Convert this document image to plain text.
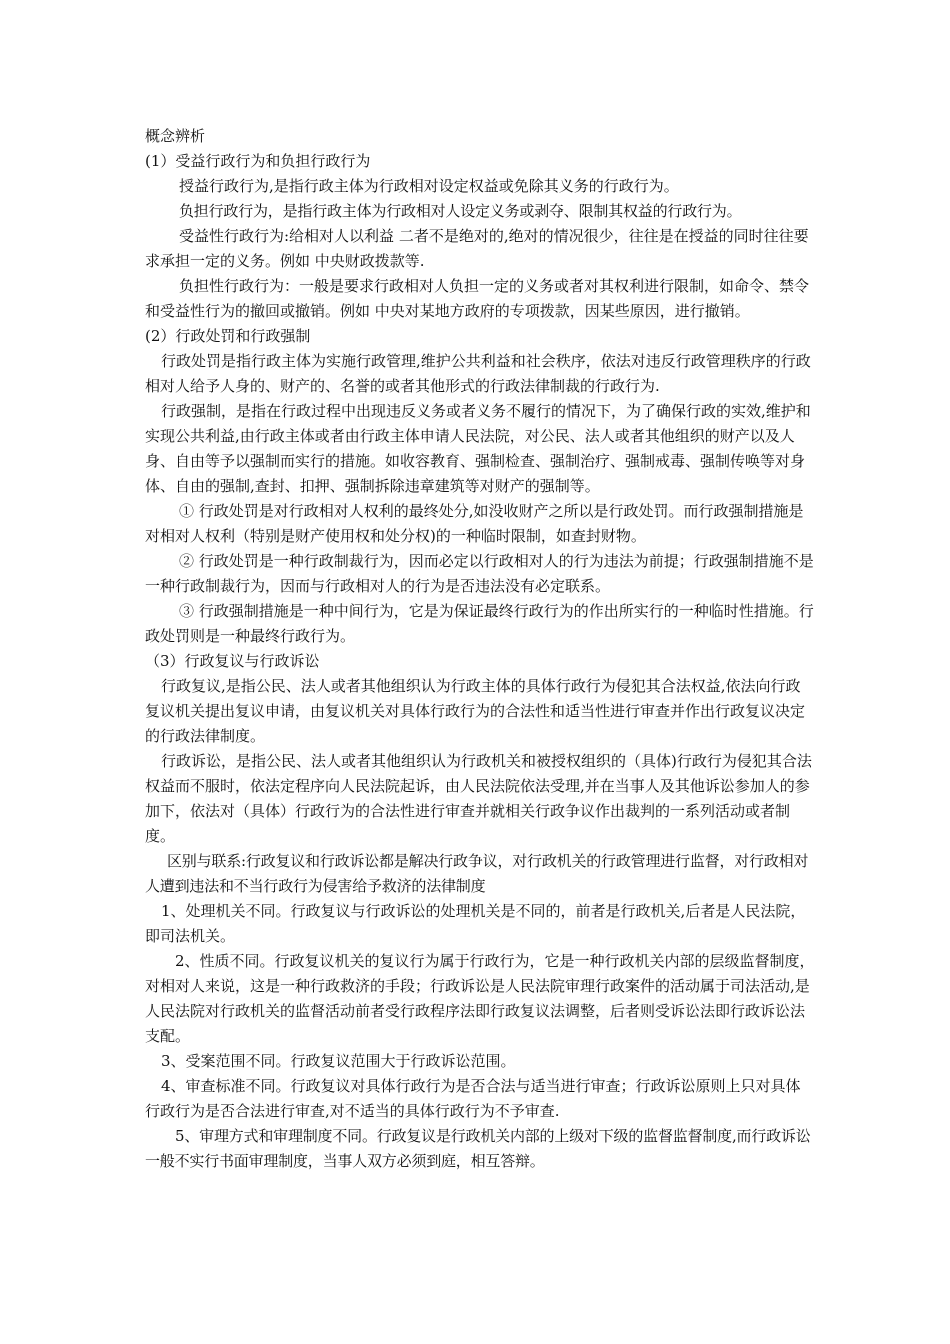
概念辨析

(1）受益行政行为和负担行政行为

授益行政行为,是指行政主体为行政相对设定权益或免除其义务的行政行为。

负担行政行为，是指行政主体为行政相对人设定义务或剥夺、限制其权益的行政行为。

受益性行政行为:给相对人以利益 二者不是绝对的,绝对的情况很少，往往是在授益的同时往往要求承担一定的义务。例如 中央财政拨款等.

负担性行政行为：一般是要求行政相对人负担一定的义务或者对其权利进行限制，如命令、禁令和受益性行为的撤回或撤销。例如 中央对某地方政府的专项拨款，因某些原因，进行撤销。

(2）行政处罚和行政强制

行政处罚是指行政主体为实施行政管理,维护公共利益和社会秩序，依法对违反行政管理秩序的行政相对人给予人身的、财产的、名誉的或者其他形式的行政法律制裁的行政行为.

行政强制，是指在行政过程中出现违反义务或者义务不履行的情况下，为了确保行政的实效,维护和实现公共利益,由行政主体或者由行政主体申请人民法院，对公民、法人或者其他组织的财产以及人身、自由等予以强制而实行的措施。如收容教育、强制检查、强制治疗、强制戒毒、强制传唤等对身体、自由的强制,查封、扣押、强制拆除违章建筑等对财产的强制等。

① 行政处罚是对行政相对人权利的最终处分,如没收财产之所以是行政处罚。而行政强制措施是对相对人权利（特别是财产使用权和处分权)的一种临时限制，如查封财物。

② 行政处罚是一种行政制裁行为，因而必定以行政相对人的行为违法为前提；行政强制措施不是一种行政制裁行为，因而与行政相对人的行为是否违法没有必定联系。

③ 行政强制措施是一种中间行为，它是为保证最终行政行为的作出所实行的一种临时性措施。行政处罚则是一种最终行政行为。

（3）行政复议与行政诉讼

行政复议,是指公民、法人或者其他组织认为行政主体的具体行政行为侵犯其合法权益,依法向行政复议机关提出复议申请，由复议机关对具体行政行为的合法性和适当性进行审查并作出行政复议决定的行政法律制度。

行政诉讼，是指公民、法人或者其他组织认为行政机关和被授权组织的（具体)行政行为侵犯其合法权益而不服时，依法定程序向人民法院起诉，由人民法院依法受理,并在当事人及其他诉讼参加人的参加下，依法对（具体）行政行为的合法性进行审查并就相关行政争议作出裁判的一系列活动或者制度。

区别与联系:行政复议和行政诉讼都是解决行政争议，对行政机关的行政管理进行监督，对行政相对人遭到违法和不当行政行为侵害给予救济的法律制度

1、处理机关不同。行政复议与行政诉讼的处理机关是不同的，前者是行政机关,后者是人民法院，即司法机关。

2、性质不同。行政复议机关的复议行为属于行政行为，它是一种行政机关内部的层级监督制度，对相对人来说，这是一种行政救济的手段；行政诉讼是人民法院审理行政案件的活动属于司法活动,是人民法院对行政机关的监督活动前者受行政程序法即行政复议法调整，后者则受诉讼法即行政诉讼法支配。

3、受案范围不同。行政复议范围大于行政诉讼范围。

4、审查标准不同。行政复议对具体行政行为是否合法与适当进行审查；行政诉讼原则上只对具体行政行为是否合法进行审查,对不适当的具体行政行为不予审查.

5、审理方式和审理制度不同。行政复议是行政机关内部的上级对下级的监督监督制度,而行政诉讼一般不实行书面审理制度，当事人双方必须到庭，相互答辩。
